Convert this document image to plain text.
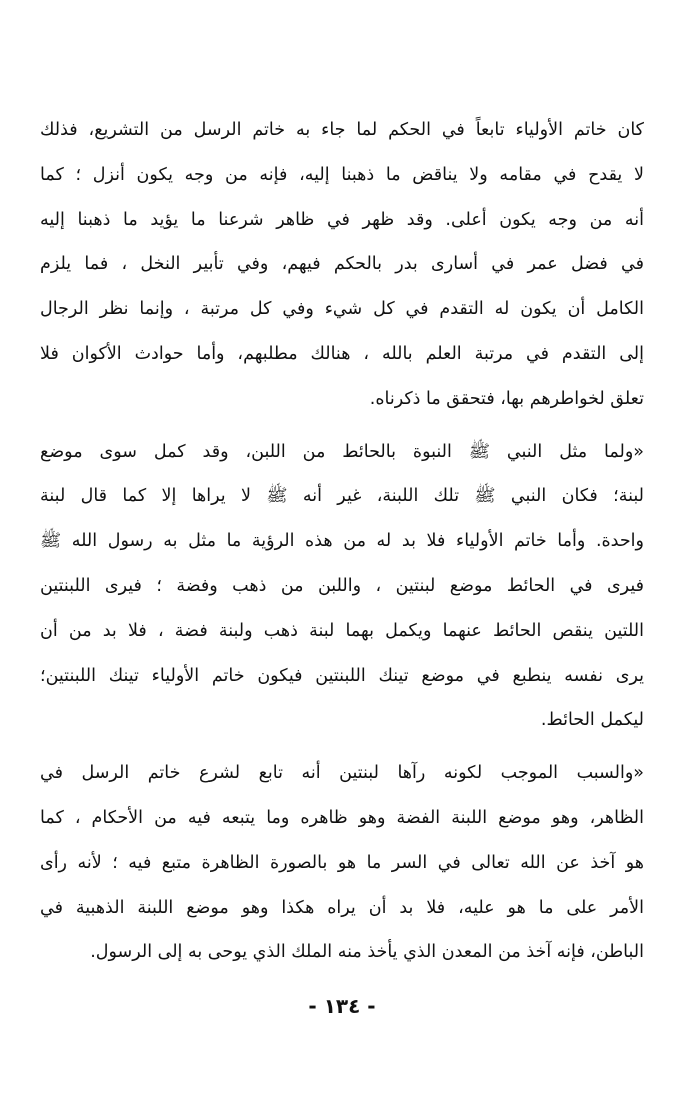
كان خاتم الأولياء تابعاً في الحكم لما جاء به خاتم الرسل من التشريع، فذلك
لا يقدح في مقامه ولا يناقض ما ذهبنا إليه، فإنه من وجه يكون أنزل ؛ كما
أنه من وجه يكون أعلى. وقد ظهر في ظاهر شرعنا ما يؤيد ما ذهبنا إليه
في فضل عمر في أسارى بدر بالحكم فيهم، وفي تأبير النخل ، فما يلزم
الكامل أن يكون له التقدم في كل شيء وفي كل مرتبة ، وإنما نظر الرجال
إلى التقدم في مرتبة العلم بالله ، هنالك مطلبهم، وأما حوادث الأكوان فلا
تعلق لخواطرهم بها، فتحقق ما ذكرناه.
«ولما مثل النبي ﷺ النبوة بالحائط من اللبن، وقد كمل سوى موضع
لبنة؛ فكان النبي ﷺ تلك اللبنة، غير أنه ﷺ لا يراها إلا كما قال لبنة
واحدة. وأما خاتم الأولياء فلا بد له من هذه الرؤية ما مثل به رسول الله ﷺ
فيرى في الحائط موضع لبنتين ، واللبن من ذهب وفضة ؛ فيرى اللبنتين
اللتين ينقص الحائط عنهما ويكمل بهما لبنة ذهب ولبنة فضة ، فلا بد من أن
يرى نفسه ينطبع في موضع تينك اللبنتين فيكون خاتم الأولياء تينك اللبنتين؛
ليكمل الحائط.
«والسبب الموجب لكونه رآها لبنتين أنه تابع لشرع خاتم الرسل في
الظاهر، وهو موضع اللبنة الفضة وهو ظاهره وما يتبعه فيه من الأحكام ، كما
هو آخذ عن الله تعالى في السر ما هو بالصورة الظاهرة متبع فيه ؛ لأنه رأى
الأمر على ما هو عليه، فلا بد أن يراه هكذا وهو موضع اللبنة الذهبية في
الباطن، فإنه آخذ من المعدن الذي يأخذ منه الملك الذي يوحى به إلى الرسول.
- ١٣٤ -
